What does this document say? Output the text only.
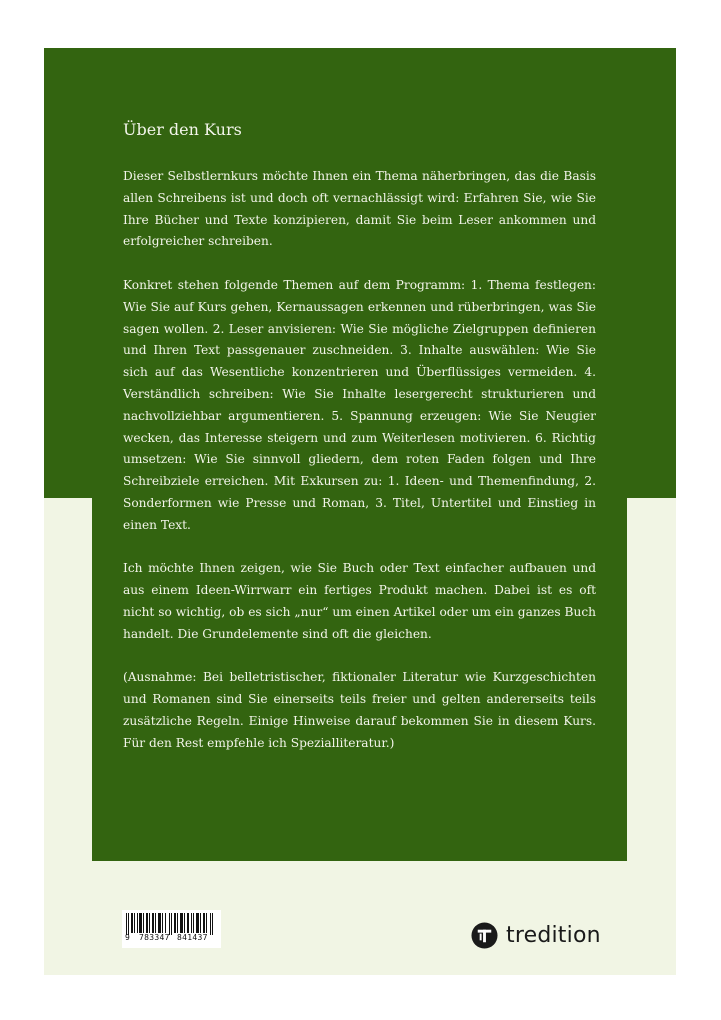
Über den Kurs

Dieser Selbstlernkurs möchte Ihnen ein Thema näherbringen, das die Basis allen Schreibens ist und doch oft vernachlässigt wird: Erfahren Sie, wie Sie Ihre Bücher und Texte konzipieren, damit Sie beim Leser ankommen und erfolgreicher schreiben.

Konkret stehen folgende Themen auf dem Programm: 1. Thema festlegen: Wie Sie auf Kurs gehen, Kernaussagen erkennen und rüberbringen, was Sie sagen wollen. 2. Leser anvisieren: Wie Sie mögliche Zielgruppen definieren und Ihren Text passgenauer zuschneiden. 3. Inhalte auswählen: Wie Sie sich auf das Wesentliche konzentrieren und Überflüssiges vermeiden. 4. Verständlich schreiben: Wie Sie Inhalte lesergerecht strukturieren und nachvollziehbar argumentieren. 5. Spannung erzeugen: Wie Sie Neugier wecken, das Interesse steigern und zum Weiterlesen motivieren. 6. Richtig umsetzen: Wie Sie sinnvoll gliedern, dem roten Faden folgen und Ihre Schreibziele erreichen. Mit Exkursen zu: 1. Ideen- und Themenfindung, 2. Sonderformen wie Presse und Roman, 3. Titel, Untertitel und Einstieg in einen Text.

Ich möchte Ihnen zeigen, wie Sie Buch oder Text einfacher aufbauen und aus einem Ideen-Wirrwarr ein fertiges Produkt machen. Dabei ist es oft nicht so wichtig, ob es sich „nur“ um einen Artikel oder um ein ganzes Buch handelt. Die Grundelemente sind oft die gleichen.

(Ausnahme: Bei belletristischer, fiktionaler Literatur wie Kurzgeschichten und Romanen sind Sie einerseits teils freier und gelten andererseits teils zusätzliche Regeln. Einige Hinweise darauf bekommen Sie in diesem Kurs. Für den Rest empfehle ich Spezialliteratur.)

9 783347 841437	tredition
